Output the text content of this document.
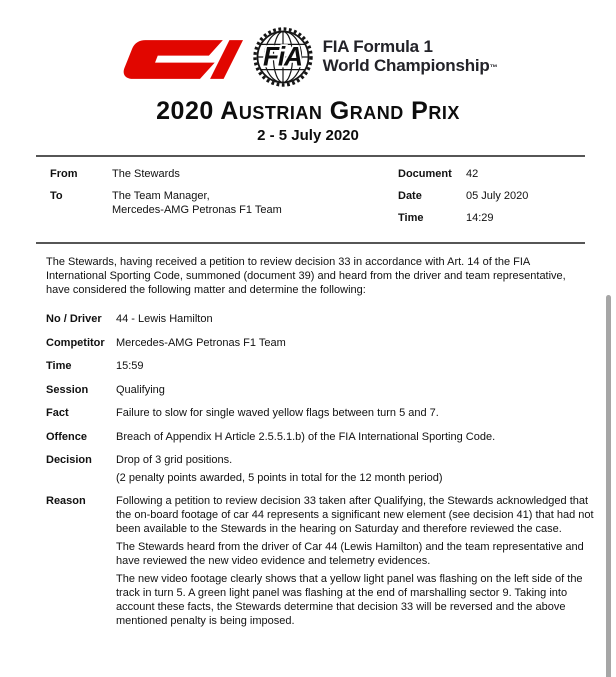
FiA FIA Formula 1
World Championship™
2020 Austrian Grand Prix
2 - 5 July 2020
From	The Stewards
To	The Team Manager,
Mercedes-AMG Petronas F1 Team
Document	42
Date	05 July 2020
Time	14:29

The Stewards, having received a petition to review decision 33 in accordance with Art. 14 of the FIA International Sporting Code, summoned (document 39) and heard from the driver and team representative, have considered the following matter and determine the following:

No / Driver	44 - Lewis Hamilton
Competitor	Mercedes-AMG Petronas F1 Team
Time	15:59
Session	Qualifying
Fact	Failure to slow for single waved yellow flags between turn 5 and 7.
Offence	Breach of Appendix H Article 2.5.5.1.b) of the FIA International Sporting Code.
Decision	Drop of 3 grid positions.
(2 penalty points awarded, 5 points in total for the 12 month period)
Reason	Following a petition to review decision 33 taken after Qualifying, the Stewards acknowledged that the on-board footage of car 44 represents a significant new element (see decision 41) that had not been available to the Stewards in the hearing on Saturday and therefore reviewed the case.

The Stewards heard from the driver of Car 44 (Lewis Hamilton) and the team representative and have reviewed the new video evidence and telemetry evidences.

The new video footage clearly shows that a yellow light panel was flashing on the left side of the track in turn 5. A green light panel was flashing at the end of marshalling sector 9. Taking into account these facts, the Stewards determine that decision 33 will be reversed and the above mentioned penalty is being imposed.
